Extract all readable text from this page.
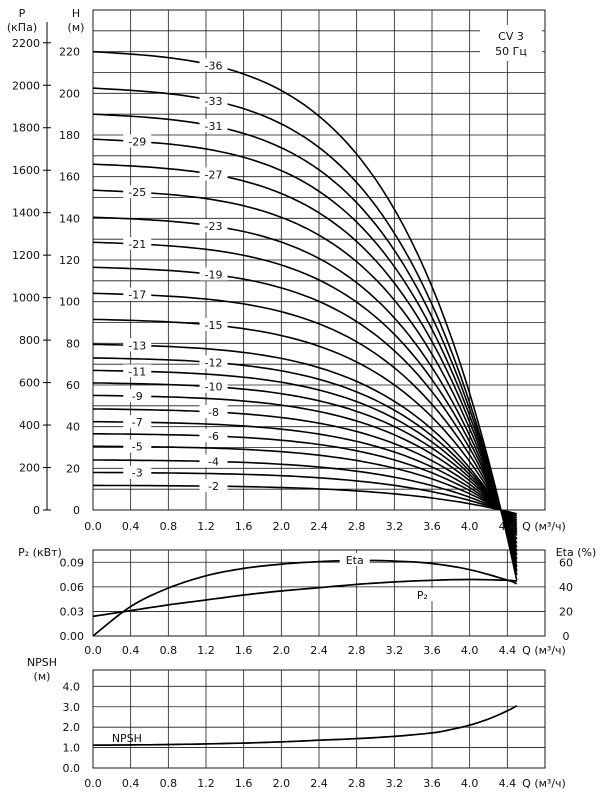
0
20
40
60
80
100
120
140
160
180
200
220
H
(м)
0
200
400
600
800
1000
1200
1400
1600
1800
2000
2200
P
(кПа)
0.0 0.4 0.8 1.2 1.6 2.0 2.4 2.8 3.2 3.6 4.0 4.4 Q (м³/ч)
CV 3
50 Гц
-2
-3
-4
-5
-6
-7
-8
-9
-10
-11
-12
-13
-15
-17
-19
-21
-23
-25
-27
-29
-31
-33
-36
0.00
0.03
0.06
0.09
P₂ (кВт)
0
20
40
60
Eta (%)
0.0 0.4 0.8 1.2 1.6 2.0 2.4 2.8 3.2 3.6 4.0 4.4 Q (м³/ч)
Eta
P₂
0.0
1.0
2.0
3.0
4.0
NPSH
(м)
0.0 0.4 0.8 1.2 1.6 2.0 2.4 2.8 3.2 3.6 4.0 4.4 Q (м³/ч)
NPSH
